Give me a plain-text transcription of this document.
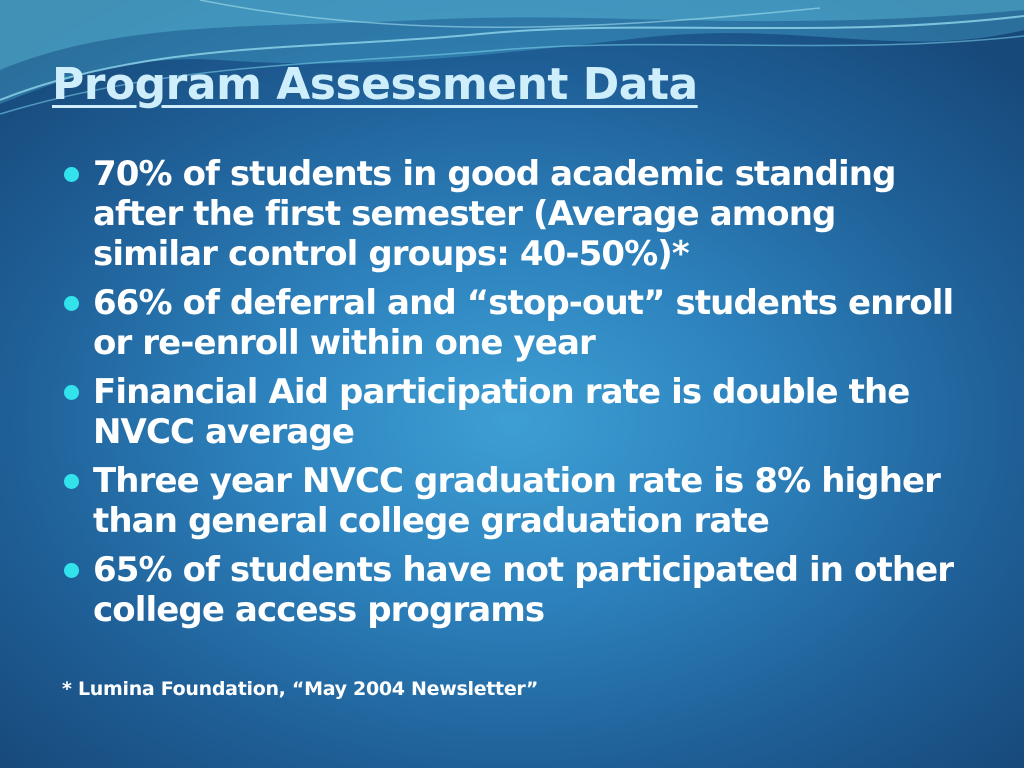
Program Assessment Data
70% of students in good academic standing after the first semester (Average among similar control groups: 40-50%)*
66% of deferral and “stop-out” students enroll or re-enroll within one year
Financial Aid participation rate is double the NVCC average
Three year NVCC graduation rate is 8% higher than general college graduation rate
65% of students have not participated in other college access programs

* Lumina Foundation, “May 2004 Newsletter”
